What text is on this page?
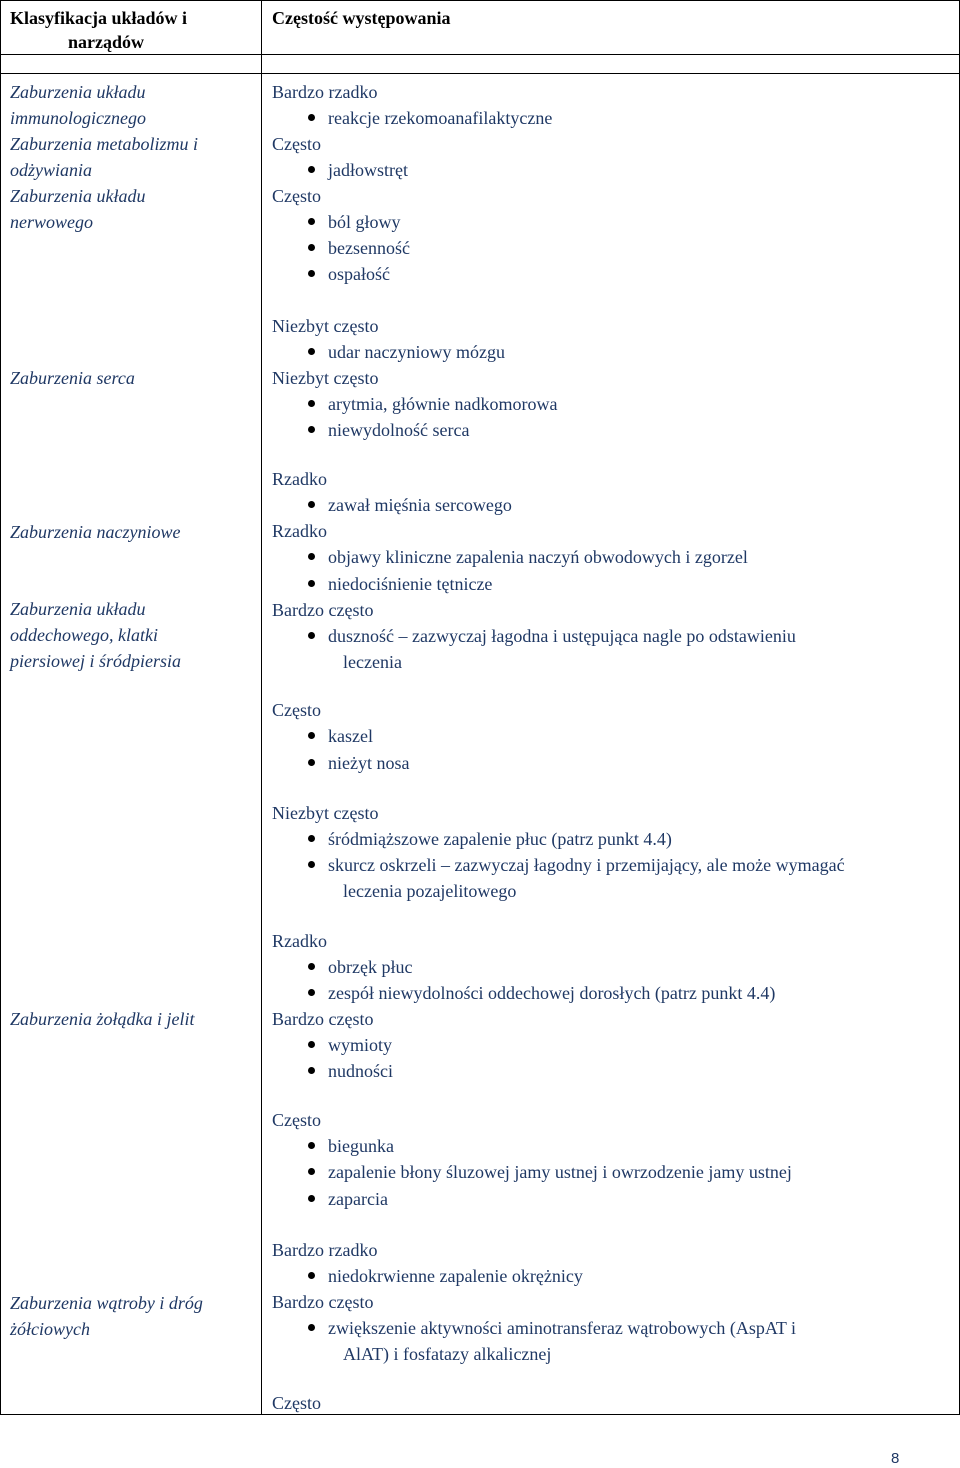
Klasyfikacja układów i
narządów
Częstość występowania
Zaburzenia układu
immunologicznego
Zaburzenia metabolizmu i
odżywiania
Zaburzenia układu
nerwowego
Zaburzenia serca
Zaburzenia naczyniowe
Zaburzenia układu
oddechowego, klatki
piersiowej i śródpiersia
Zaburzenia żołądka i jelit
Zaburzenia wątroby i dróg
żółciowych
Bardzo rzadko
Często
Często
Niezbyt często
Niezbyt często
Rzadko
Rzadko
Bardzo często
Często
Niezbyt często
Rzadko
Bardzo często
Często
Bardzo rzadko
Bardzo często
Często
reakcje rzekomoanafilaktyczne
jadłowstręt
ból głowy
bezsenność
ospałość
udar naczyniowy mózgu
arytmia, głównie nadkomorowa
niewydolność serca
zawał mięśnia sercowego
objawy kliniczne zapalenia naczyń obwodowych i zgorzel
niedociśnienie tętnicze
duszność – zazwyczaj łagodna i ustępująca nagle po odstawieniu
leczenia
kaszel
nieżyt nosa
śródmiąższowe zapalenie płuc (patrz punkt 4.4)
skurcz oskrzeli – zazwyczaj łagodny i przemijający, ale może wymagać
leczenia pozajelitowego
obrzęk płuc
zespół niewydolności oddechowej dorosłych (patrz punkt 4.4)
wymioty
nudności
biegunka
zapalenie błony śluzowej jamy ustnej i owrzodzenie jamy ustnej
zaparcia
niedokrwienne zapalenie okrężnicy
zwiększenie aktywności aminotransferaz wątrobowych (AspAT i
AlAT) i fosfatazy alkalicznej
8
